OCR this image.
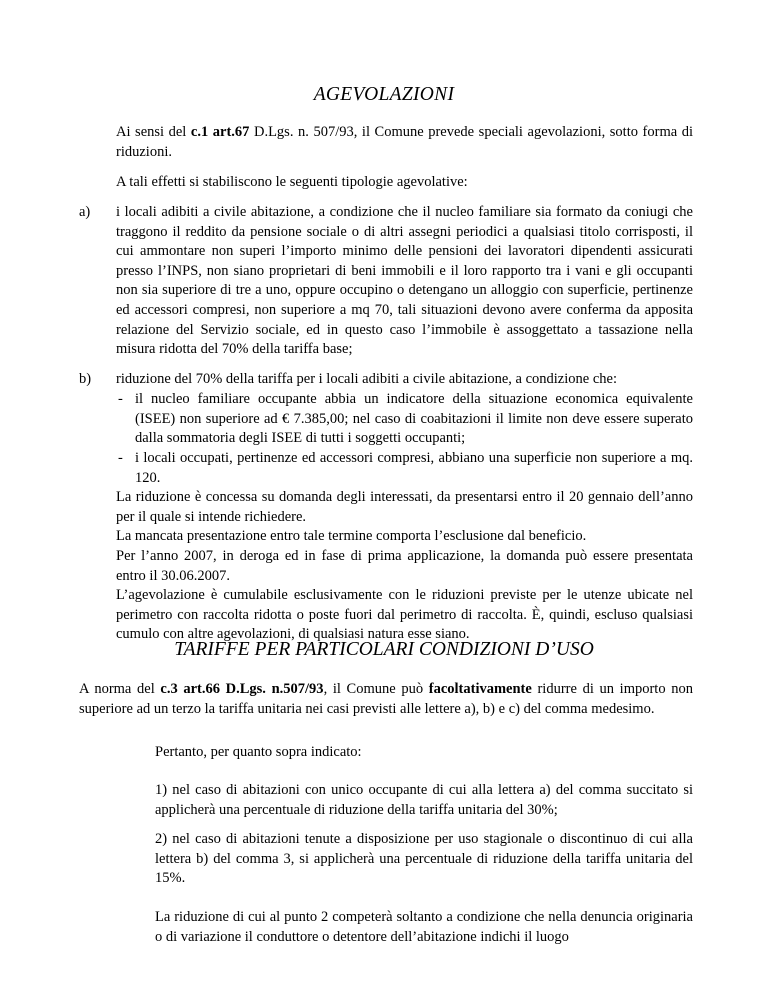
AGEVOLAZIONI

Ai sensi del c.1 art.67 D.Lgs. n. 507/93, il Comune prevede speciali agevolazioni, sotto forma di riduzioni.

A tali effetti si stabiliscono le seguenti tipologie agevolative:

a) i locali adibiti a civile abitazione, a condizione che il nucleo familiare sia formato da coniugi che traggono il reddito da pensione sociale o di altri assegni periodici a qualsiasi titolo corrisposti, il cui ammontare non superi l’importo minimo delle pensioni dei lavoratori dipendenti assicurati presso l’INPS, non siano proprietari di beni immobili e il loro rapporto tra i vani e gli occupanti non sia superiore di tre a uno, oppure occupino o detengano un alloggio con superficie, pertinenze ed accessori compresi, non superiore a mq 70, tali situazioni devono avere conferma da apposita relazione del Servizio sociale, ed in questo caso l’immobile è assoggettato a tassazione nella misura ridotta del 70% della tariffa base;

b) riduzione del 70% della tariffa per i locali adibiti a civile abitazione, a condizione che:

- il nucleo familiare occupante abbia un indicatore della situazione economica equivalente (ISEE) non superiore ad € 7.385,00; nel caso di coabitazioni il limite non deve essere superato dalla sommatoria degli ISEE di tutti i soggetti occupanti;

- i locali occupati, pertinenze ed accessori compresi, abbiano una superficie non superiore a mq. 120.

La riduzione è concessa su domanda degli interessati, da presentarsi entro il 20 gennaio dell’anno per il quale si intende richiedere.

La mancata presentazione entro tale termine comporta l’esclusione dal beneficio.

Per l’anno 2007, in deroga ed in fase di prima applicazione, la domanda può essere presentata entro il 30.06.2007.

L’agevolazione è cumulabile esclusivamente con le riduzioni previste per le utenze ubicate nel perimetro con raccolta ridotta o poste fuori dal perimetro di raccolta. È, quindi, escluso qualsiasi cumulo con altre agevolazioni, di qualsiasi natura esse siano.

TARIFFE PER PARTICOLARI CONDIZIONI D’USO

A norma del c.3 art.66 D.Lgs. n.507/93, il Comune può facoltativamente ridurre di un importo non superiore ad un terzo la tariffa unitaria nei casi previsti alle lettere a), b) e c) del comma medesimo.

Pertanto, per quanto sopra indicato:

1) nel caso di abitazioni con unico occupante di cui alla lettera a) del comma succitato si applicherà una percentuale di riduzione della tariffa unitaria del 30%;

2) nel caso di abitazioni tenute a disposizione per uso stagionale o discontinuo di cui alla lettera b) del comma 3, si applicherà una percentuale di riduzione della tariffa unitaria del 15%.

La riduzione di cui al punto 2 competerà soltanto a condizione che nella denuncia originaria o di variazione il conduttore o detentore dell’abitazione indichi il luogo
